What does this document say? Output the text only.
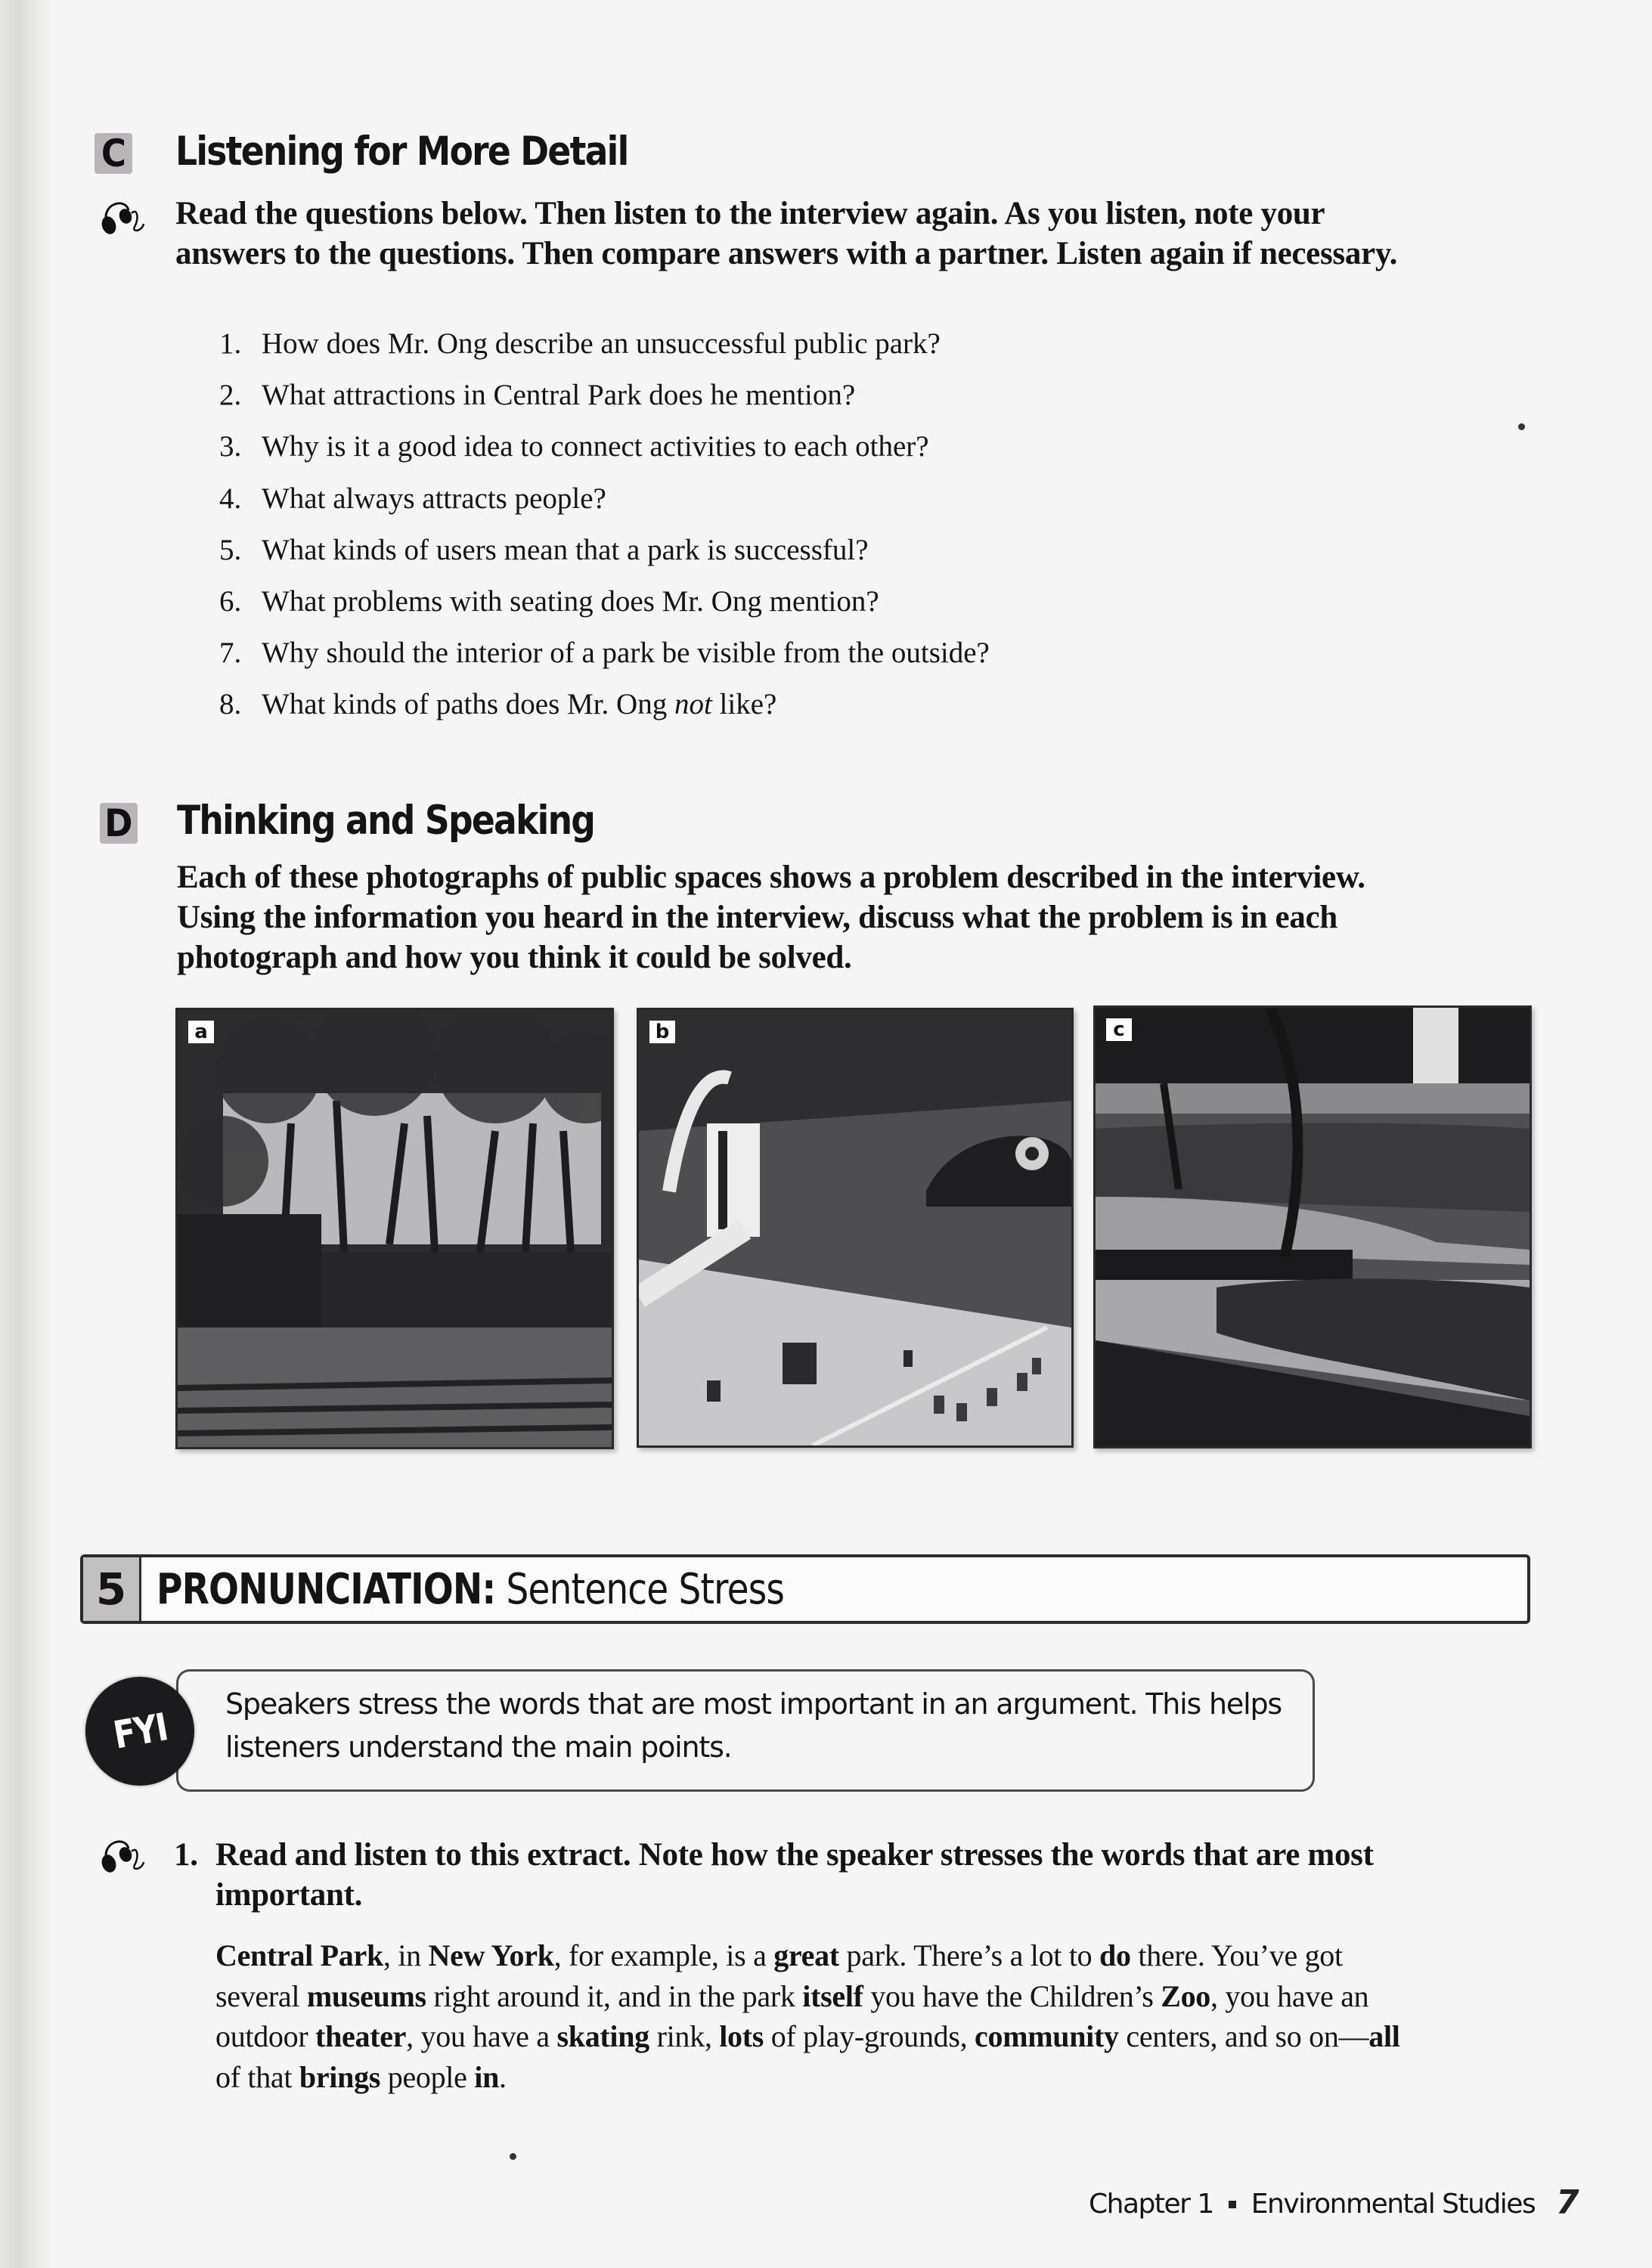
C Listening for More Detail
Read the questions below. Then listen to the interview again. As you listen, note your answers to the questions. Then compare answers with a partner. Listen again if necessary.
1. How does Mr. Ong describe an unsuccessful public park?
2. What attractions in Central Park does he mention?
3. Why is it a good idea to connect activities to each other?
4. What always attracts people?
5. What kinds of users mean that a park is successful?
6. What problems with seating does Mr. Ong mention?
7. Why should the interior of a park be visible from the outside?
8. What kinds of paths does Mr. Ong not like?
D Thinking and Speaking
Each of these photographs of public spaces shows a problem described in the interview. Using the information you heard in the interview, discuss what the problem is in each photograph and how you think it could be solved.
a	b	c
5 PRONUNCIATION: Sentence Stress
FYI
Speakers stress the words that are most important in an argument. This helps listeners understand the main points.
1. Read and listen to this extract. Note how the speaker stresses the words that are most important.
Central Park, in New York, for example, is a great park. There’s a lot to do there. You’ve got several museums right around it, and in the park itself you have the Children’s Zoo, you have an outdoor theater, you have a skating rink, lots of play-grounds, community centers, and so on—all of that brings people in.
Chapter 1 Environmental Studies 7
